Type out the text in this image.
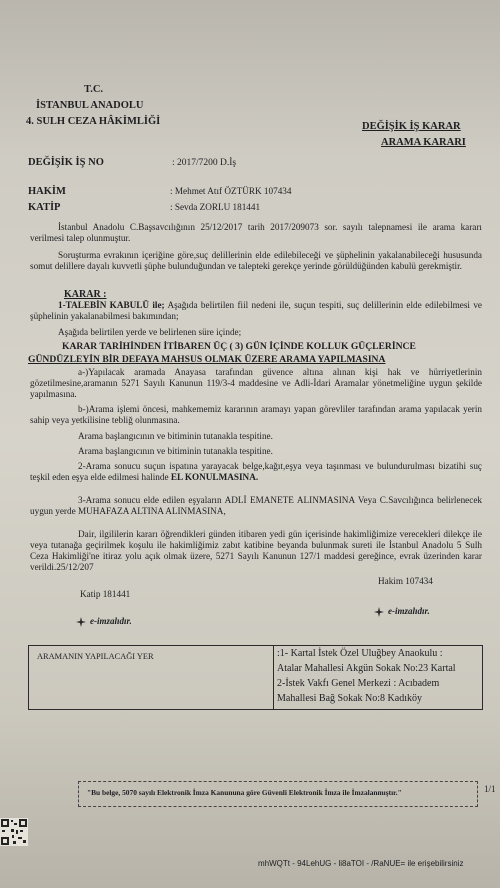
T.C.
İSTANBUL ANADOLU
4. SULH CEZA HÂKİMLİĞİ	DEĞİŞİK İŞ KARAR
ARAMA KARARI
DEĞİŞİK İŞ NO	: 2017/7200 D.İş
HAKİM	: Mehmet Atıf ÖZTÜRK 107434
KATİP	: Sevda ZORLU 181441
İstanbul Anadolu C.Başsavcılığının 25/12/2017 tarih 2017/209073 sor. sayılı talepnamesi ile arama kararı verilmesi talep olunmuştur.
Soruşturma evrakının içeriğine göre,suç delillerinin elde edilebileceği ve şüphelinin yakalanabileceği hususunda somut delillere dayalı kuvvetli şüphe bulunduğundan ve talepteki gerekçe yerinde görüldüğünden kabulü gerekmiştir.
KARAR :
1-TALEBİN KABULÜ ile; Aşağıda belirtilen fiil nedeni ile, suçun tespiti, suç delillerinin elde edilebilmesi ve şüphelinin yakalanabilmesi bakımından;
Aşağıda belirtilen yerde ve belirlenen süre içinde;
KARAR TARİHİNDEN İTİBAREN ÜÇ ( 3) GÜN İÇİNDE KOLLUK GÜÇLERİNCE
GÜNDÜZLEYİN BİR DEFAYA MAHSUS OLMAK ÜZERE ARAMA YAPILMASINA
a-)Yapılacak aramada Anayasa tarafından güvence altına alınan kişi hak ve hürriyetlerinin gözetilmesine,aramanın 5271 Sayılı Kanunun 119/3-4 maddesine ve Adli-İdari Aramalar yönetmeliğine uygun şekilde yapılmasına.
b-)Arama işlemi öncesi, mahkememiz kararının aramayı yapan görevliler tarafından arama yapılacak yerin sahip veya yetkilisine tebliğ olunmasına.
Arama başlangıcının ve bitiminin tutanakla tespitine.
Arama başlangıcının ve bitiminin tutanakla tespitine.
2-Arama sonucu suçun ispatına yarayacak belge,kağıt,eşya veya taşınması ve bulundurulması bizatihi suç teşkil eden eşya elde edilmesi halinde EL KONULMASINA.
3-Arama sonucu elde edilen eşyaların ADLİ EMANETE ALINMASINA Veya C.Savcılığınca belirlenecek uygun yerde MUHAFAZA ALTINA ALINMASINA,
Dair, ilgililerin kararı öğrendikleri günden itibaren yedi gün içerisinde hakimliğimize verecekleri dilekçe ile veya tutanağa geçirilmek koşulu ile hakimliğimiz zabıt katibine beyanda bulunmak sureti ile İstanbul Anadolu 5 Sulh Ceza Hakimliği'ne itiraz yolu açık olmak üzere, 5271 Sayılı Kanunun 127/1 maddesi gereğince, evrak üzerinden karar verildi.25/12/207
Katip 181441
Hakim 107434
e-imzalıdır.
e-imzalıdır.
ARAMANIN YAPILACAĞI YER	:1- Kartal İstek Özel Uluğbey Anaokulu :
Atalar Mahallesi Akgün Sokak No:23 Kartal
2-İstek Vakfı Genel Merkezi : Acıbadem
Mahallesi Bağ Sokak No:8 Kadıköy
"Bu belge, 5070 sayılı Elektronik İmza Kanununa göre Güvenli Elektronik İmza ile İmzalanmıştır."	1/1
mhWQTt - 94LehUG - li8aTOI - /RaNUE= ile erişebilirsiniz
